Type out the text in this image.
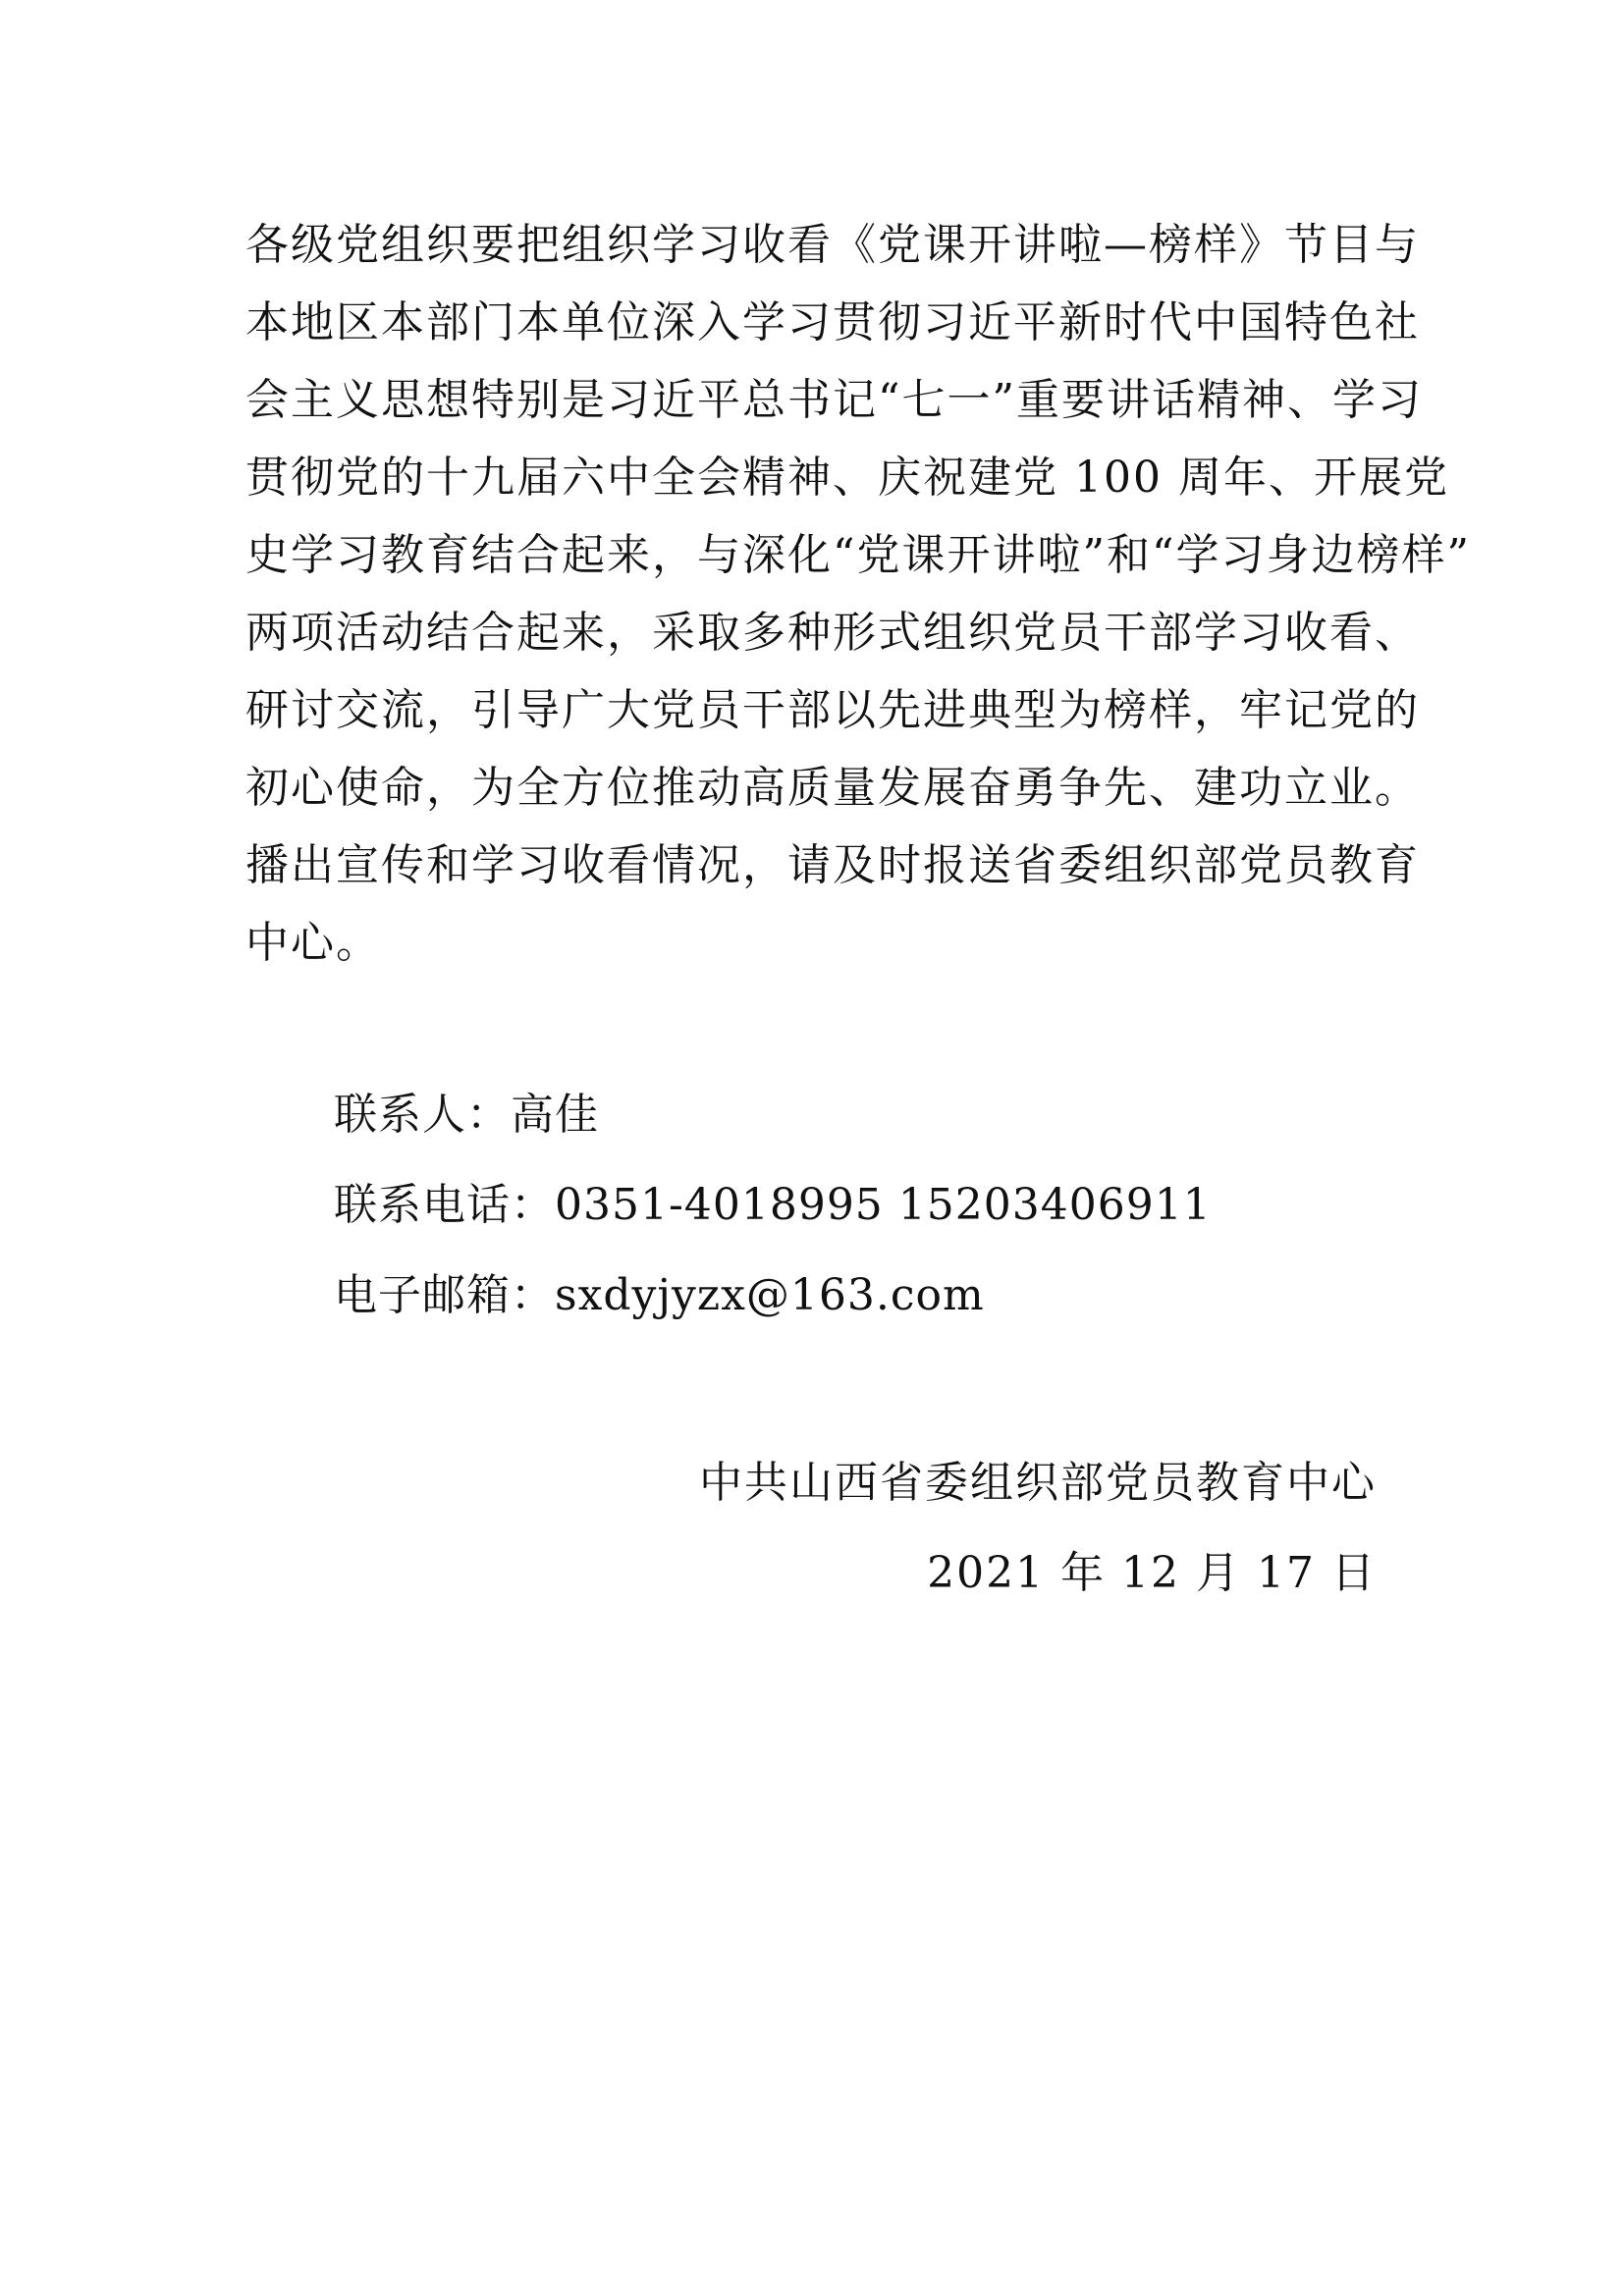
各级党组织要把组织学习收看《党课开讲啦—榜样》节目与
本地区本部门本单位深入学习贯彻习近平新时代中国特色社
会主义思想特别是习近平总书记“七一”重要讲话精神、学习
贯彻党的十九届六中全会精神、庆祝建党 100 周年、开展党
史学习教育结合起来，与深化“党课开讲啦”和“学习身边榜样”
两项活动结合起来，采取多种形式组织党员干部学习收看、
研讨交流，引导广大党员干部以先进典型为榜样，牢记党的
初心使命，为全方位推动高质量发展奋勇争先、建功立业。
播出宣传和学习收看情况，请及时报送省委组织部党员教育
中心。
联系人：高佳
联系电话：0351-4018995 15203406911
电子邮箱：sxdyjyzx@163.com
中共山西省委组织部党员教育中心
2021 年 12 月 17 日
